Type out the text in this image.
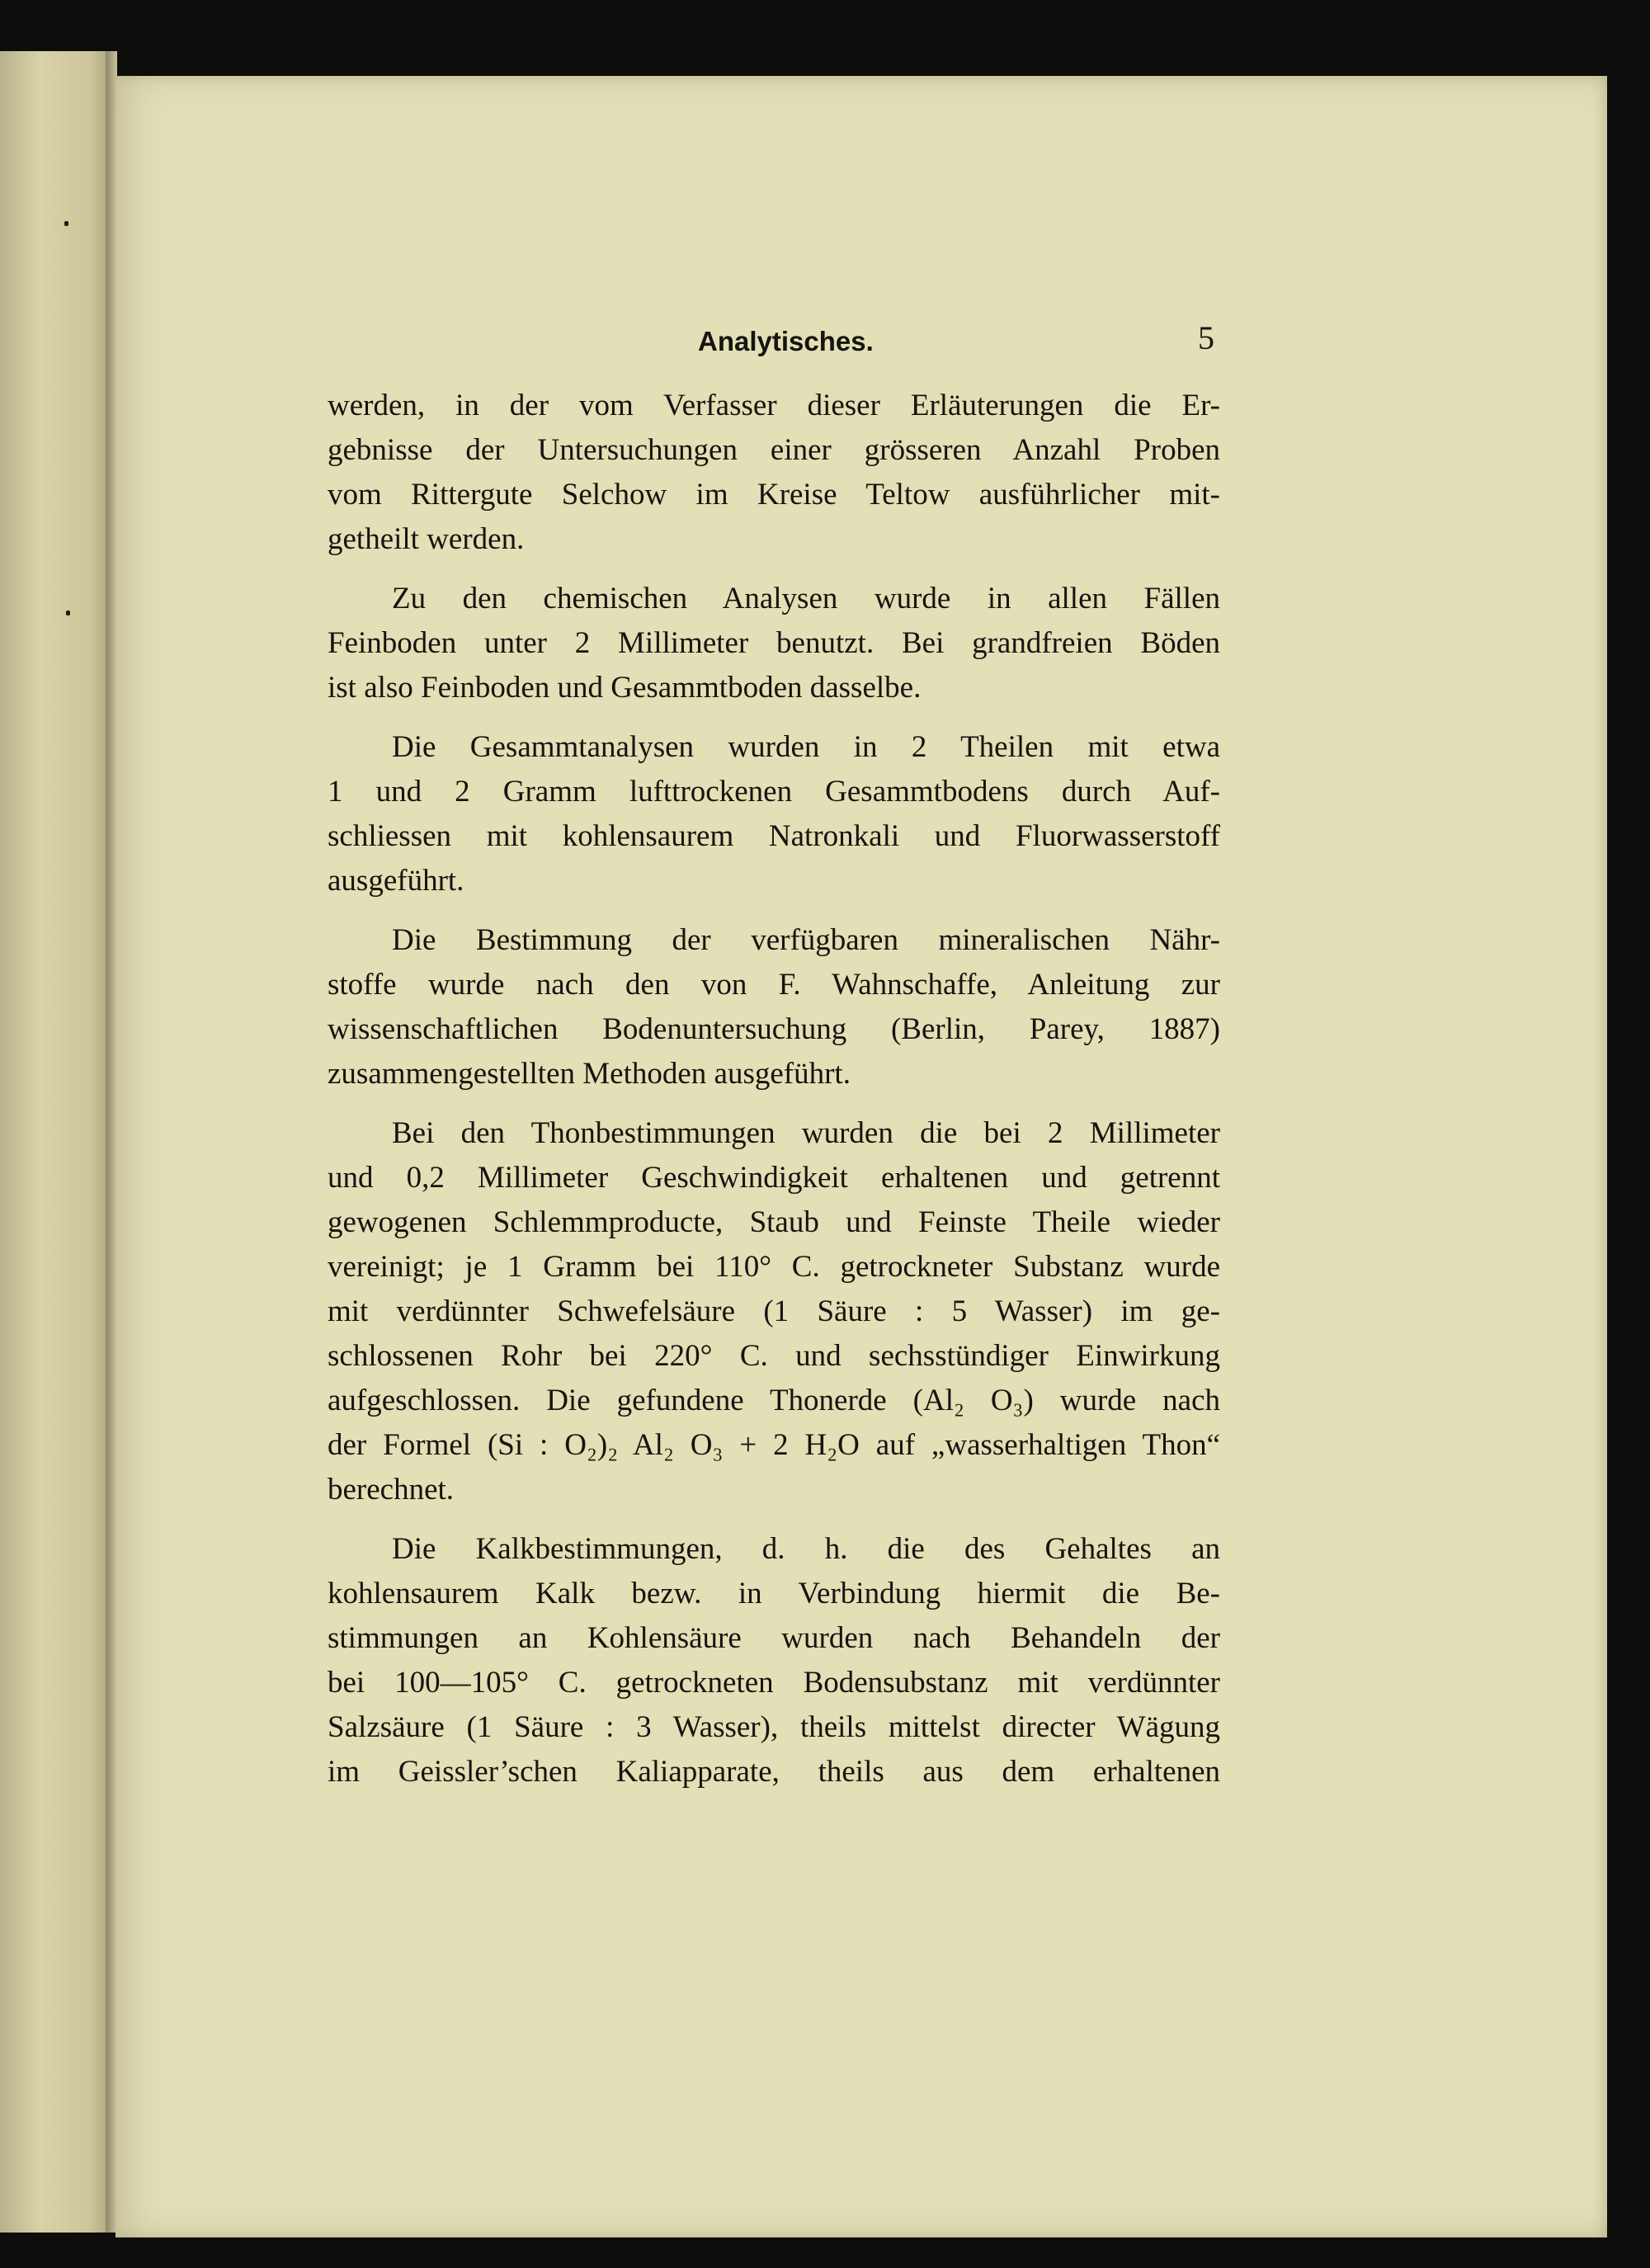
Analytisches.	5
werden, in der vom Verfasser dieser Erläuterungen die Er-
gebnisse der Untersuchungen einer grösseren Anzahl Proben
vom Rittergute Selchow im Kreise Teltow ausführlicher mit-
getheilt werden.
Zu den chemischen Analysen wurde in allen Fällen
Feinboden unter 2 Millimeter benutzt. Bei grandfreien Böden
ist also Feinboden und Gesammtboden dasselbe.
Die Gesammtanalysen wurden in 2 Theilen mit etwa
1 und 2 Gramm lufttrockenen Gesammtbodens durch Auf-
schliessen mit kohlensaurem Natronkali und Fluorwasserstoff
ausgeführt.
Die Bestimmung der verfügbaren mineralischen Nähr-
stoffe wurde nach den von F. Wahnschaffe, Anleitung zur
wissenschaftlichen Bodenuntersuchung (Berlin, Parey, 1887)
zusammengestellten Methoden ausgeführt.
Bei den Thonbestimmungen wurden die bei 2 Millimeter
und 0,2 Millimeter Geschwindigkeit erhaltenen und getrennt
gewogenen Schlemmproducte, Staub und Feinste Theile wieder
vereinigt; je 1 Gramm bei 110° C. getrockneter Substanz wurde
mit verdünnter Schwefelsäure (1 Säure : 5 Wasser) im ge-
schlossenen Rohr bei 220° C. und sechsstündiger Einwirkung
aufgeschlossen. Die gefundene Thonerde (Al₂ O₃) wurde nach
der Formel (Si : O₂)₂ Al₂ O₃ + 2 H₂O auf „wasserhaltigen Thon“
berechnet.
Die Kalkbestimmungen, d. h. die des Gehaltes an
kohlensaurem Kalk bezw. in Verbindung hiermit die Be-
stimmungen an Kohlensäure wurden nach Behandeln der
bei 100—105° C. getrockneten Bodensubstanz mit verdünnter
Salzsäure (1 Säure : 3 Wasser), theils mittelst directer Wägung
im Geissler’schen Kaliapparate, theils aus dem erhaltenen
